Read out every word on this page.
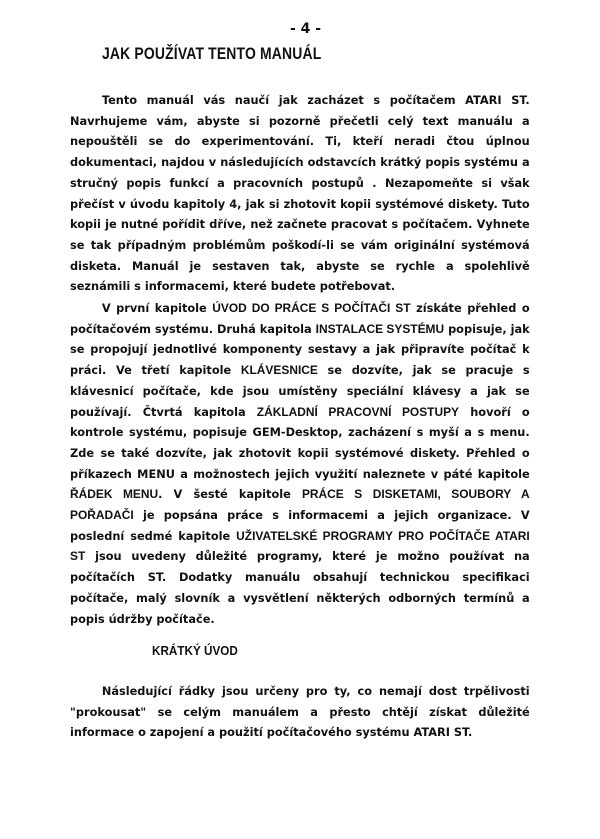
- 4 -
JAK POUŽÍVAT TENTO MANUÁL

Tento manuál vás naučí jak zacházet s počítačem ATARI ST. Navrhujeme vám, abyste si pozorně přečetli celý text manuálu a nepouštěli se do experimentování. Ti, kteří neradi čtou úplnou dokumentaci, najdou v následujících odstavcích krátký popis systému a stručný popis funkcí a pracovních postupů . Nezapomeňte si však přečíst v úvodu kapitoly 4, jak si zhotovit kopii systémové diskety. Tuto kopii je nutné pořídit dříve, než začnete pracovat s počítačem. Vyhnete se tak případným problémům poškodí-li se vám originální systémová disketa. Manuál je sestaven tak, abyste se rychle a spolehlivě seznámili s informacemi, které budete potřebovat.

V první kapitole ÚVOD DO PRÁCE S POČÍTAČI ST získáte přehled o počítačovém systému. Druhá kapitola INSTALACE SYSTÉMU popisuje, jak se propojují jednotlivé komponenty sestavy a jak připravíte počítač k práci. Ve třetí kapitole KLÁVESNICE se dozvíte, jak se pracuje s klávesnicí počítače, kde jsou umístěny speciální klávesy a jak se používají. Čtvrtá kapitola ZÁKLADNÍ PRACOVNÍ POSTUPY hovoří o kontrole systému, popisuje GEM-Desktop, zacházení s myší a s menu. Zde se také dozvíte, jak zhotovit kopii systémové diskety. Přehled o příkazech MENU a možnostech jejich využití naleznete v páté kapitole ŘÁDEK MENU. V šesté kapitole PRÁCE S DISKETAMI, SOUBORY A POŘADAČI je popsána práce s informacemi a jejich organizace. V poslední sedmé kapitole UŽIVATELSKÉ PROGRAMY PRO POČÍTAČE ATARI ST jsou uvedeny důležité programy, které je možno používat na počítačích ST. Dodatky manuálu obsahují technickou specifikaci počítače, malý slovník a vysvětlení některých odborných termínů a popis údržby počítače.

KRÁTKÝ ÚVOD

Následující řádky jsou určeny pro ty, co nemají dost trpělivosti "prokousat" se celým manuálem a přesto chtějí získat důležité informace o zapojení a použití počítačového systému ATARI ST.
